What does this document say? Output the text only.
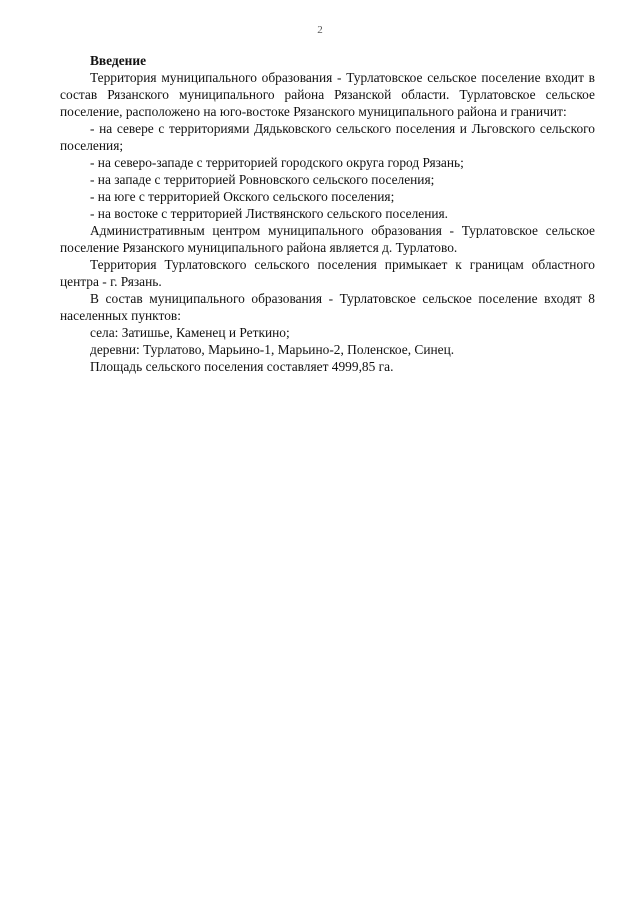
2

Введение

Территория муниципального образования - Турлатовское сельское поселение входит в состав Рязанского муниципального района Рязанской области. Турлатовское сельское поселение, расположено на юго-востоке Рязанского муниципального района и граничит:

- на севере с территориями Дядьковского сельского поселения и Льговского сельского поселения;

- на северо-западе с территорией городского округа город Рязань;

- на западе с территорией Ровновского сельского поселения;

- на юге с территорией Окского сельского поселения;

- на востоке с территорией Листвянского сельского поселения.

Административным центром муниципального образования - Турлатовское сельское поселение Рязанского муниципального района является д. Турлатово.

Территория Турлатовского сельского поселения примыкает к границам областного центра - г. Рязань.

В состав муниципального образования - Турлатовское сельское поселение входят 8 населенных пунктов:

села: Затишье, Каменец и Реткино;

деревни: Турлатово, Марьино-1, Марьино-2, Поленское, Синец.

Площадь сельского поселения составляет 4999,85 га.
